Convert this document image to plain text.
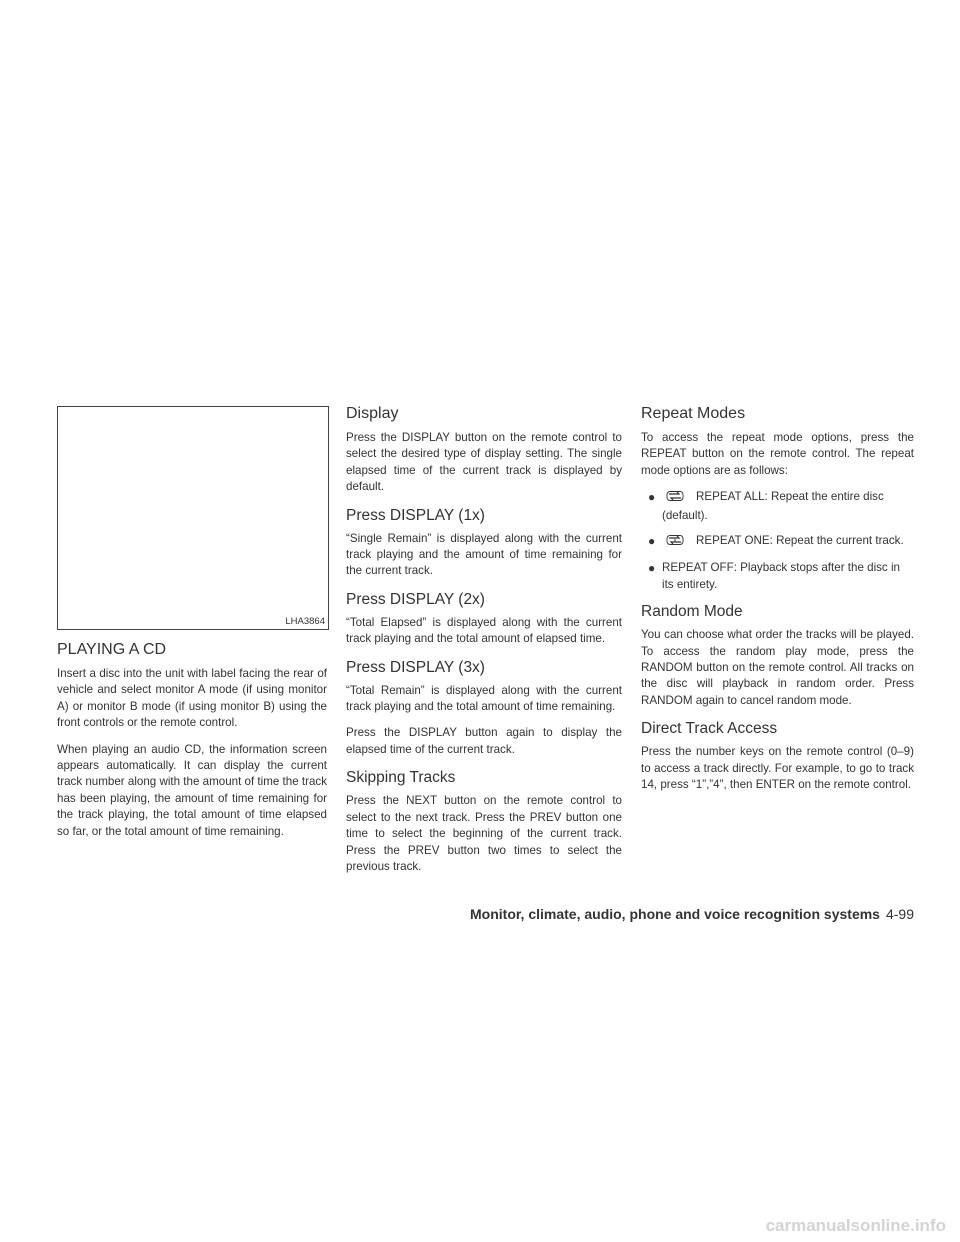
LHA3864
PLAYING A CD

Insert a disc into the unit with label facing the rear of vehicle and select monitor A mode (if using monitor A) or monitor B mode (if using monitor B) using the front controls or the remote control.

When playing an audio CD, the information screen appears automatically. It can display the current track number along with the amount of time the track has been playing, the amount of time remaining for the track playing, the total amount of time elapsed so far, or the total amount of time remaining.

Display

Press the DISPLAY button on the remote control to select the desired type of display setting. The single elapsed time of the current track is displayed by default.

Press DISPLAY (1x)

“Single Remain” is displayed along with the current track playing and the amount of time remaining for the current track.

Press DISPLAY (2x)

“Total Elapsed” is displayed along with the current track playing and the total amount of elapsed time.

Press DISPLAY (3x)

“Total Remain” is displayed along with the current track playing and the total amount of time remaining.

Press the DISPLAY button again to display the elapsed time of the current track.

Skipping Tracks

Press the NEXT button on the remote control to select to the next track. Press the PREV button one time to select the beginning of the current track. Press the PREV button two times to select the previous track.

Repeat Modes

To access the repeat mode options, press the REPEAT button on the remote control. The repeat mode options are as follows:

●	REPEAT ALL: Repeat the entire disc (default).
●	REPEAT ONE: Repeat the current track.
● REPEAT OFF: Playback stops after the disc in its entirety.
Random Mode

You can choose what order the tracks will be played. To access the random play mode, press the RANDOM button on the remote control. All tracks on the disc will playback in random order. Press RANDOM again to cancel random mode.

Direct Track Access

Press the number keys on the remote control (0–9) to access a track directly. For example, to go to track 14, press “1”,”4”, then ENTER on the remote control.

Monitor, climate, audio, phone and voice recognition systems 4-99
carmanualsonline.info
